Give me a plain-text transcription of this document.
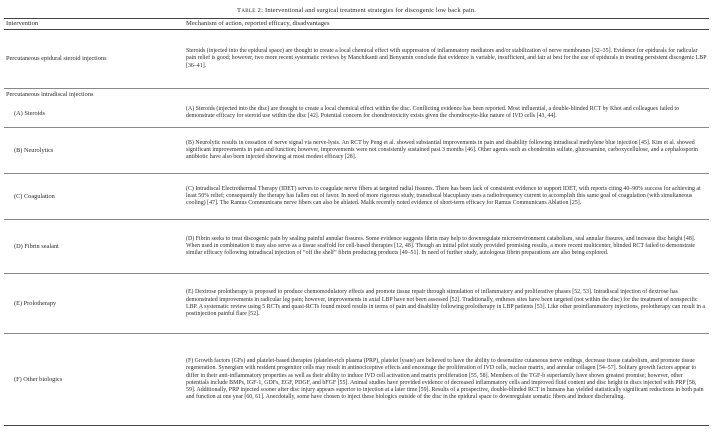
Table 2: Interventional and surgical treatment strategies for discogenic low back pain.
Intervention	Mechanism of action, reported efficacy, disadvantages
Percutaneous epidural steroid injections	Steroids (injected into the epidural space) are thought to create a local chemical effect with suppression of inflammatory mediators and/or stabilization of nerve membranes [32–35]. Evidence for epidurals for radicular pain relief is good; however, two more recent systematic reviews by Manchikanti and Benyamin conclude that evidence is variable, insufficient, and fair at best for the use of epidurals in treating persistent discogenic LBP [36–41].
Percutaneous intradiscal injections	
(A) Steroids	(A) Steroids (injected into the disc) are thought to create a local chemical effect within the disc. Conflicting evidence has been reported. Most influential, a double-blinded RCT by Khot and colleagues failed to demonstrate efficacy for steroid use within the disc [42]. Potential concern for chondrotoxicity exists given the chondrocyte-like nature of IVD cells [43, 44].
(B) Neurolytics	(B) Neurolytic results in cessation of nerve signal via nerve-lysis. An RCT by Peng et al. showed substantial improvements in pain and disability following intradiscal methylene blue injection [45]. Kim et al. showed significant improvements in pain and function; however, improvements were not consistently sustained past 3 months [46]. Other agents such as chondroitin sulfate, glucosamine, carboxycellulose, and a cephalosporin antibiotic have also been injected showing at most modest efficacy [28].
(C) Coagulation	(C) Intradiscal Electrothermal Therapy (IDET) serves to coagulate nerve fibers at targeted radial fissures. There has been lack of consistent evidence to support IDET, with reports citing 40–90% success for achieving at least 50% relief; consequently the therapy has fallen out of favor. In need of more rigorous study, transdiscal biacuplasty uses a radiofrequency current to accomplish this same goal of coagulation (with simultaneous cooling) [47]. The Ramus Communicans nerve fibers can also be ablated. Malik recently noted evidence of short-term efficacy for Ramus Communicans Ablation [25].
(D) Fibrin sealant	(D) Fibrin seeks to treat discogenic pain by sealing painful annular fissures. Some evidence suggests fibrin may help to downregulate microenvironment catabolism, seal annular fissures, and increase disc height [48]. When used in combination it may also serve as a tissue scaffold for cell-based therapies [12, 48]. Though an initial pilot study provided promising results, a more recent multicenter, blinded RCT failed to demonstrate similar efficacy following intradiscal injection of “off the shelf” fibrin producing products [49–51]. In need of further study, autologous fibrin preparations are also being explored.
(E) Prolotherapy	(E) Dextrose prolotherapy is proposed to produce chemomodulatory effects and promote tissue repair through stimulation of inflammatory and proliferative phases [52, 53]. Intradiscal injection of dextrose has demonstrated improvements in radicular leg pain; however, improvements in axial LBP have not been assessed [52]. Traditionally, entheses sites have been targeted (not within the disc) for the treatment of nonspecific LBP. A systematic review using 5 RCTs and quasi-RCTs found mixed results in terms of pain and disability following prolotherapy in LBP patients [53]. Like other proinflammatory injections, prolotherapy can result in a postinjection painful flare [52].
(F) Other biologics	(F) Growth factors (GFs) and platelet-based therapies (platelet-rich plasma (PRP), platelet lysate) are believed to have the ability to desensitize cutaneous nerve endings, decrease tissue catabolism, and promote tissue regeneration. Synergism with resident progenitor cells may result in antinociceptive effects and encourage the proliferation of IVD cells, nuclear matrix, and annular collagen [54–57]. Solitary growth factors appear to differ in their anti-inflammatory properties as well as their ability to induce IVD cell activation and matrix proliferation [55, 58]. Members of the TGF-b superfamily have shown greatest promise; however, other potentials include BMPs, IGF-1, GDFs, EGF, PDGF, and bFGF [55]. Animal studies have provided evidence of decreased inflammatory cells and improved fluid content and disc height in discs injected with PRP [58, 59]. Additionally, PRP injected sooner after disc injury appears superior to injection at a later time [59]. Results of a prospective, double-blinded RCT in humans has yielded statistically significant reductions in both pain and function at one year [60, 61]. Anecdotally, some have chosen to inject these biologics outside of the disc in the epidural space to downregulate somatic fibers and induce discheraling.
